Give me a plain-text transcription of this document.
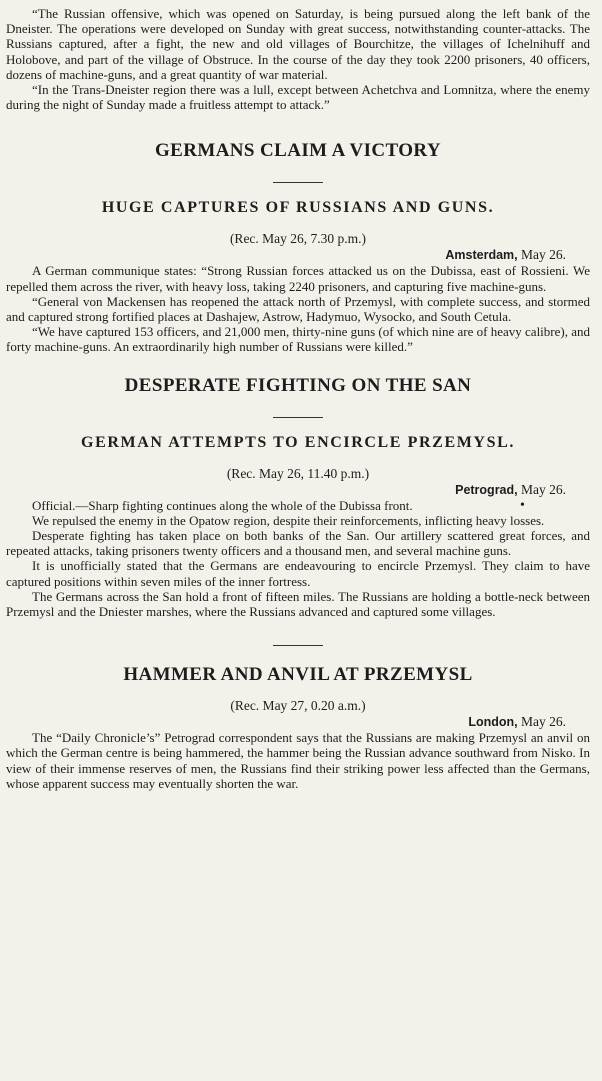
“The Russian offensive, which was opened on Saturday, is being pursued along the left bank of the Dneister. The operations were developed on Sunday with great success, notwithstanding counter-attacks. The Russians captured, after a fight, the new and old villages of Bourchitze, the villages of Ichelnihuff and Holobove, and part of the village of Obstruce. In the course of the day they took 2200 prisoners, 40 officers, dozens of machine-guns, and a great quantity of war material.

“In the Trans-Dneister region there was a lull, except between Achetchva and Lomnitza, where the enemy during the night of Sunday made a fruitless attempt to attack.”

GERMANS CLAIM A VICTORY
HUGE CAPTURES OF RUSSIANS AND GUNS.
(Rec. May 26, 7.30 p.m.)
Amsterdam, May 26.

A German communique states: “Strong Russian forces attacked us on the Dubissa, east of Rossieni. We repelled them across the river, with heavy loss, taking 2240 prisoners, and capturing five machine-guns.

“General von Mackensen has reopened the attack north of Przemysl, with complete success, and stormed and captured strong fortified places at Dashajew, Astrow, Hadymuo, Wysocko, and South Cetula.

“We have captured 153 officers, and 21,000 men, thirty-nine guns (of which nine are of heavy calibre), and forty machine-guns. An extraordinarily high number of Russians were killed.”

DESPERATE FIGHTING ON THE SAN
GERMAN ATTEMPTS TO ENCIRCLE PRZEMYSL.
(Rec. May 26, 11.40 p.m.)
Petrograd, May 26.

Official.—Sharp fighting continues along the whole of the Dubissa front.

We repulsed the enemy in the Opatow region, despite their reinforcements, inflicting heavy losses.

Desperate fighting has taken place on both banks of the San. Our artillery scattered great forces, and repeated attacks, taking prisoners twenty officers and a thousand men, and several machine guns.

It is unofficially stated that the Germans are endeavouring to encircle Przemysl. They claim to have captured positions within seven miles of the inner fortress.

The Germans across the San hold a front of fifteen miles. The Russians are holding a bottle-neck between Przemysl and the Dniester marshes, where the Russians advanced and captured some villages.

HAMMER AND ANVIL AT PRZEMYSL
(Rec. May 27, 0.20 a.m.)
London, May 26.

The “Daily Chronicle’s” Petrograd correspondent says that the Russians are making Przemysl an anvil on which the German centre is being hammered, the hammer being the Russian advance southward from Nisko. In view of their immense reserves of men, the Russians find their striking power less affected than the Germans, whose apparent success may eventually shorten the war.

•
